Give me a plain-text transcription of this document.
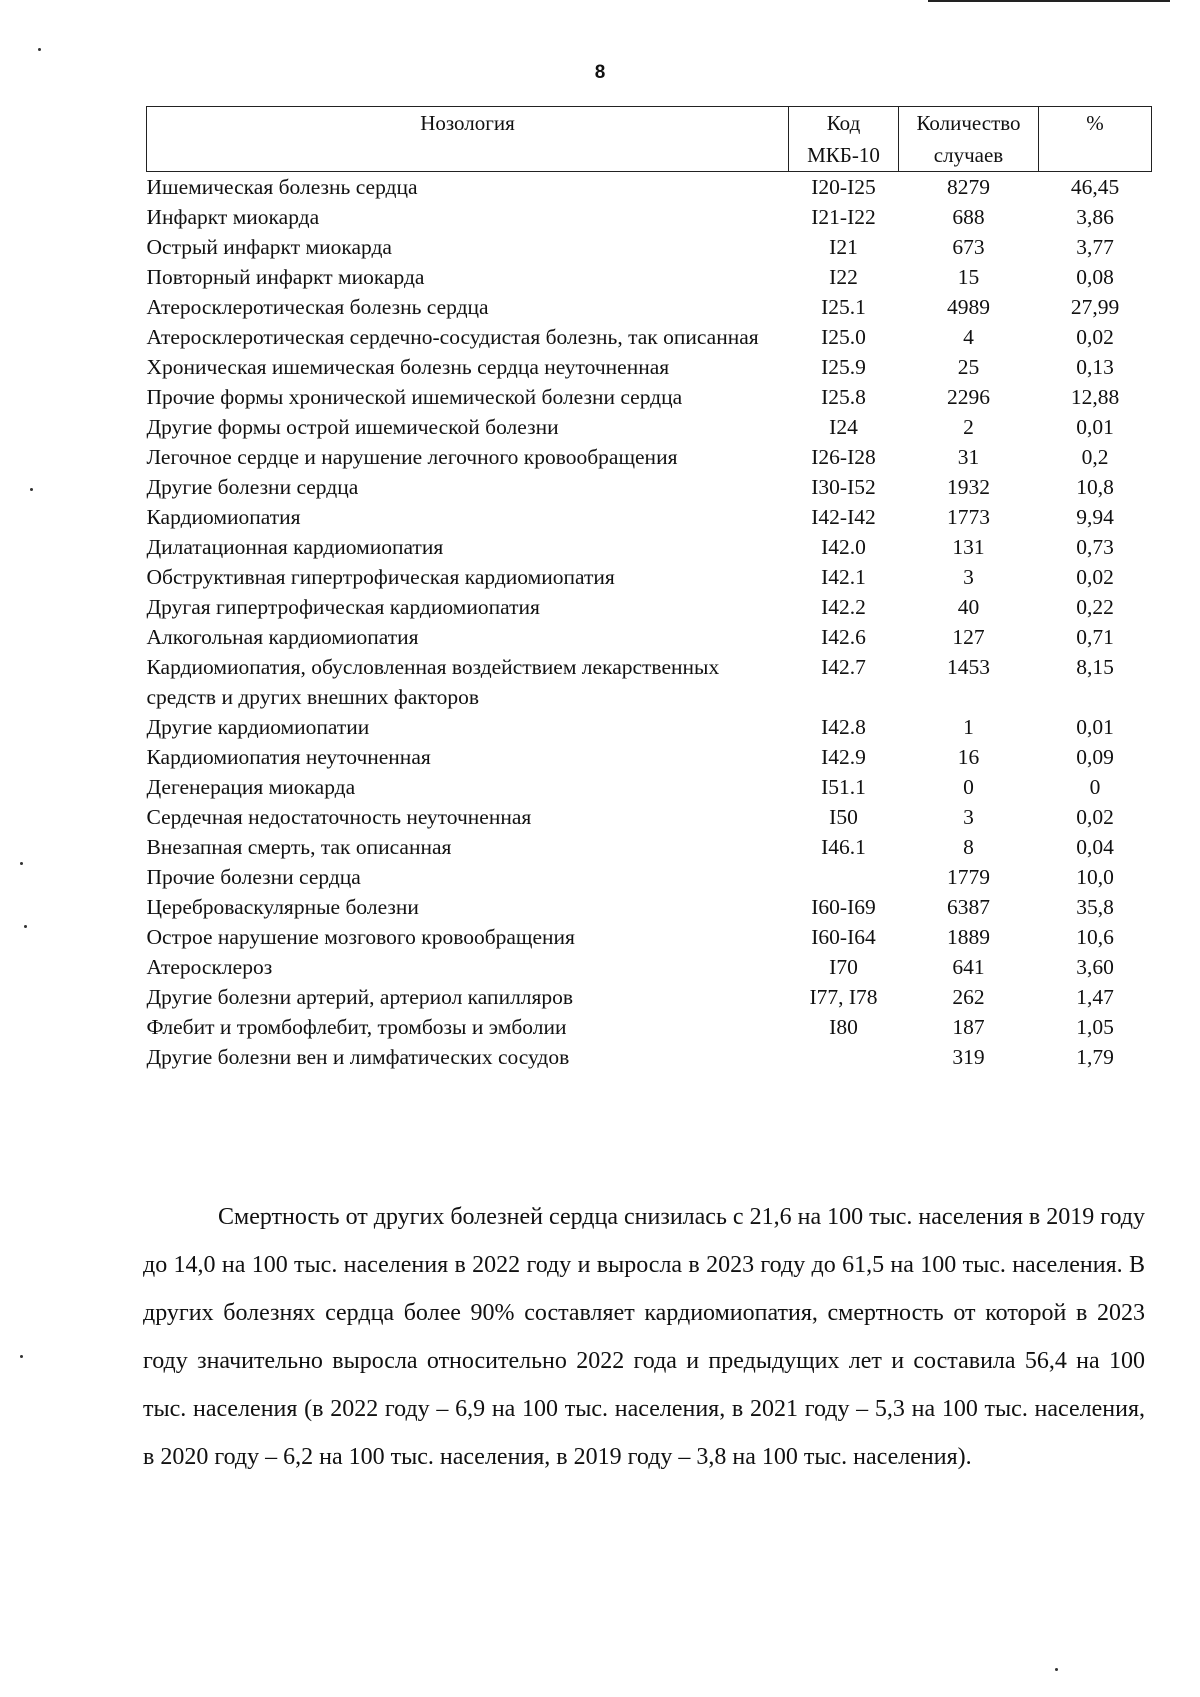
8
Нозология	Код МКБ-10	Количество случаев	%
Ишемическая болезнь сердца	I20-I25	8279	46,45
Инфаркт миокарда	I21-I22	688	3,86
Острый инфаркт миокарда	I21	673	3,77
Повторный инфаркт миокарда	I22	15	0,08
Атеросклеротическая болезнь сердца	I25.1	4989	27,99
Атеросклеротическая сердечно-сосудистая болезнь, так описанная	I25.0	4	0,02
Хроническая ишемическая болезнь сердца неуточненная	I25.9	25	0,13
Прочие формы хронической ишемической болезни сердца	I25.8	2296	12,88
Другие формы острой ишемической болезни	I24	2	0,01
Легочное сердце и нарушение легочного кровообращения	I26-I28	31	0,2
Другие болезни сердца	I30-I52	1932	10,8
Кардиомиопатия	I42-I42	1773	9,94
Дилатационная кардиомиопатия	I42.0	131	0,73
Обструктивная гипертрофическая кардиомиопатия	I42.1	3	0,02
Другая гипертрофическая кардиомиопатия	I42.2	40	0,22
Алкогольная кардиомиопатия	I42.6	127	0,71
Кардиомиопатия, обусловленная воздействием лекарственных средств и других внешних факторов	I42.7	1453	8,15
Другие кардиомиопатии	I42.8	1	0,01
Кардиомиопатия неуточненная	I42.9	16	0,09
Дегенерация миокарда	I51.1	0	0
Сердечная недостаточность неуточненная	I50	3	0,02
Внезапная смерть, так описанная	I46.1	8	0,04
Прочие болезни сердца		1779	10,0
Цереброваскулярные болезни	I60-I69	6387	35,8
Острое нарушение мозгового кровообращения	I60-I64	1889	10,6
Атеросклероз	I70	641	3,60
Другие болезни артерий, артериол капилляров	I77, I78	262	1,47
Флебит и тромбофлебит, тромбозы и эмболии	I80	187	1,05
Другие болезни вен и лимфатических сосудов		319	1,79
Смертность от других болезней сердца снизилась с 21,6 на 100 тыс. населения в 2019 году до 14,0 на 100 тыс. населения в 2022 году и выросла в 2023 году до 61,5 на 100 тыс. населения. В других болезнях сердца более 90% составляет кардиомиопатия, смертность от которой в 2023 году значительно выросла относительно 2022 года и предыдущих лет и составила 56,4 на 100 тыс. населения (в 2022 году – 6,9 на 100 тыс. населения, в 2021 году – 5,3 на 100 тыс. населения, в 2020 году – 6,2 на 100 тыс. населения, в 2019 году – 3,8 на 100 тыс. населения).
